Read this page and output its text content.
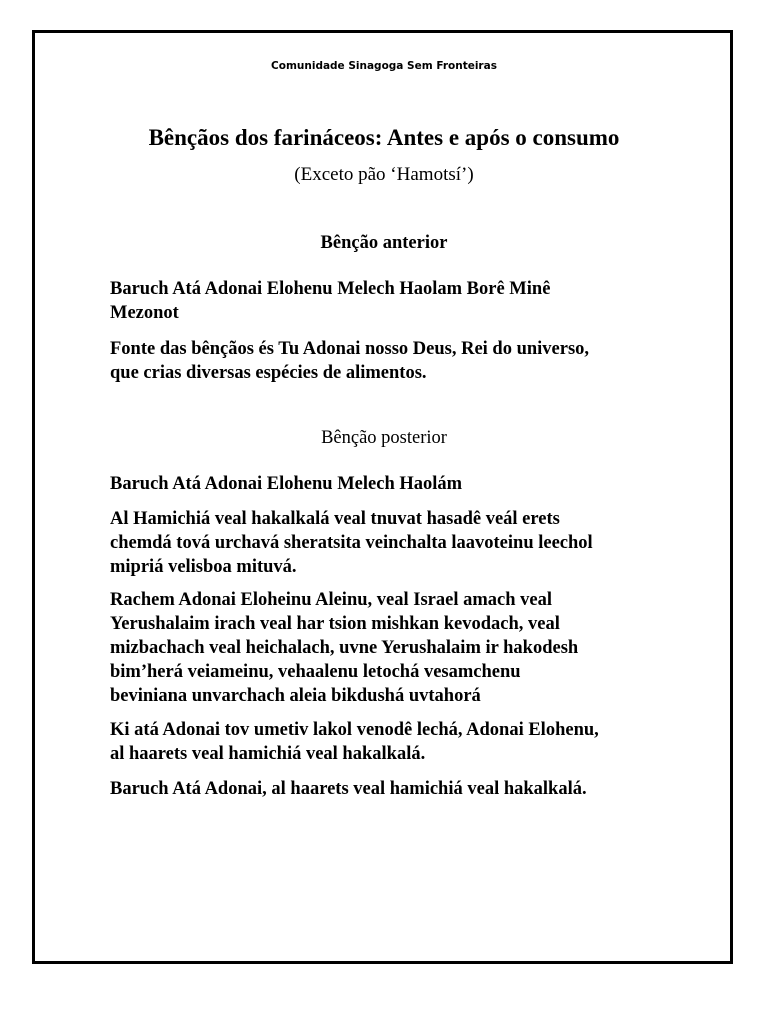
Comunidade Sinagoga Sem Fronteiras
Bênçãos dos farináceos: Antes e após o consumo
(Exceto pão ‘Hamotsí’)
Bênção anterior
Baruch Atá Adonai Elohenu Melech Haolam Borê Minê
Mezonot
Fonte das bênçãos és Tu Adonai nosso Deus, Rei do universo,
que crias diversas espécies de alimentos.
Bênção posterior
Baruch Atá Adonai Elohenu Melech Haolám
Al Hamichiá veal hakalkalá veal tnuvat hasadê veál erets
chemdá tová urchavá sheratsita veinchalta laavoteinu leechol
mipriá velisboa mituvá.
Rachem Adonai Eloheinu Aleinu, veal Israel amach veal
Yerushalaim irach veal har tsion mishkan kevodach, veal
mizbachach veal heichalach, uvne Yerushalaim ir hakodesh
bim’herá veiameinu, vehaalenu letochá vesamchenu
beviniana unvarchach aleia bikdushá uvtahorá
Ki atá Adonai tov umetiv lakol venodê lechá, Adonai Elohenu,
al haarets veal hamichiá veal hakalkalá.
Baruch Atá Adonai, al haarets veal hamichiá veal hakalkalá.
